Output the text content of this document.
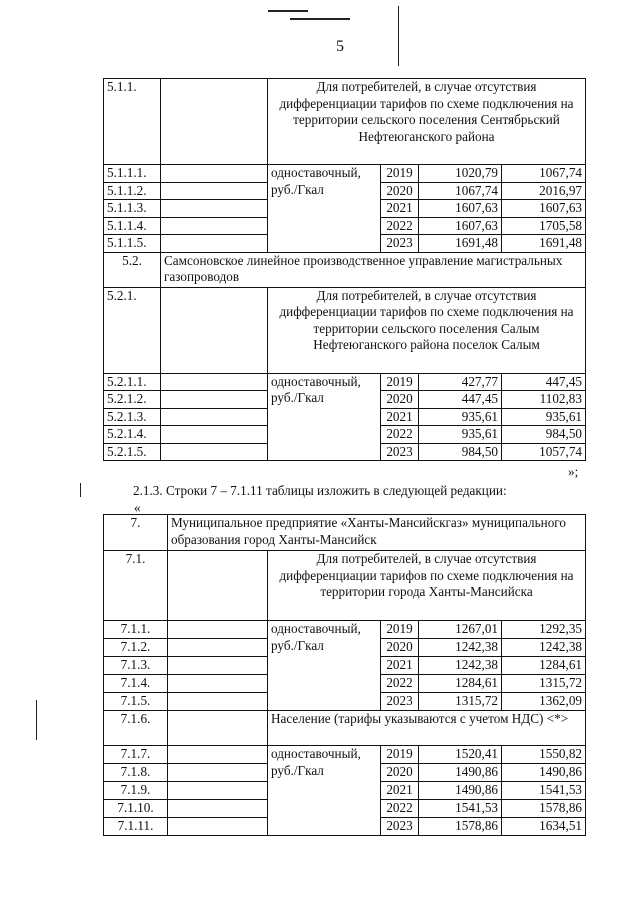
5
5.1.1.		Для потребителей, в случае отсутствия дифференциации тарифов по схеме подключения на территории сельского поселения Сентябрьский Нефтеюганского района			
5.1.1.1.		одноставочный, руб./Гкал	2019	1020,79	1067,74
5.1.1.2.			2020	1067,74	2016,97
5.1.1.3.			2021	1607,63	1607,63
5.1.1.4.			2022	1607,63	1705,58
5.1.1.5.			2023	1691,48	1691,48
5.2.	Самсоновское линейное производственное управление магистральных газопроводов				
5.2.1.		Для потребителей, в случае отсутствия дифференциации тарифов по схеме подключения на территории сельского поселения Салым Нефтеюганского района поселок Салым			
5.2.1.1.		одноставочный, руб./Гкал	2019	427,77	447,45
5.2.1.2.			2020	447,45	1102,83
5.2.1.3.			2021	935,61	935,61
5.2.1.4.			2022	935,61	984,50
5.2.1.5.			2023	984,50	1057,74
»;
2.1.3. Строки 7 – 7.1.11 таблицы изложить в следующей редакции:
«
7.	Муниципальное предприятие «Ханты-Мансийскгаз» муниципального образования город Ханты-Мансийск				
7.1.		Для потребителей, в случае отсутствия дифференциации тарифов по схеме подключения на территории города Ханты-Мансийска			
7.1.1.		одноставочный, руб./Гкал	2019	1267,01	1292,35
7.1.2.			2020	1242,38	1242,38
7.1.3.			2021	1242,38	1284,61
7.1.4.			2022	1284,61	1315,72
7.1.5.			2023	1315,72	1362,09
7.1.6.		Население (тарифы указываются с учетом НДС) <*>			
7.1.7.		одноставочный, руб./Гкал	2019	1520,41	1550,82
7.1.8.			2020	1490,86	1490,86
7.1.9.			2021	1490,86	1541,53
7.1.10.			2022	1541,53	1578,86
7.1.11.			2023	1578,86	1634,51
